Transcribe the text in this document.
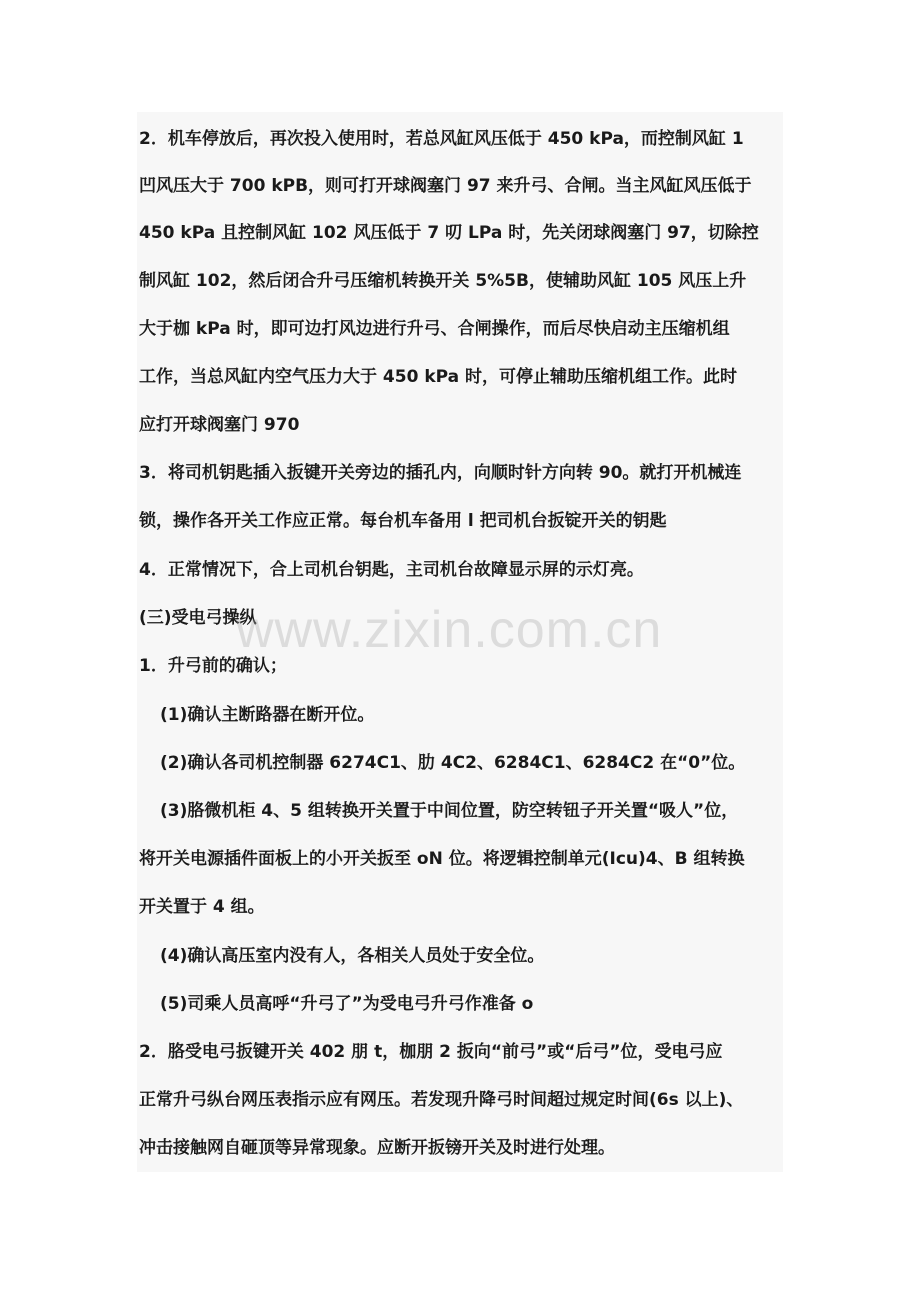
2．机车停放后，再次投入使用时，若总风缸风压低于 450 kPa，而控制风缸 1
凹风压大于 700 kPB，则可打开球阀塞门 97 来升弓、合闸。当主风缸风压低于
450 kPa 且控制风缸 102 风压低于 7 叨 LPa 时，先关闭球阀塞门 97，切除控
制风缸 102，然后闭合升弓压缩机转换开关 5%5B，使辅助风缸 105 风压上升
大于枷 kPa 时，即可边打风边进行升弓、合闸操作，而后尽快启动主压缩机组
工作，当总风缸内空气压力大于 450 kPa 时，可停止辅助压缩机组工作。此时
应打开球阀塞门 970
3．将司机钥匙插入扳键开关旁边的插孔内，向顺时针方向转 90。就打开机械连
锁，操作各开关工作应正常。每台机车备用 l 把司机台扳锭开关的钥匙
4．正常情况下，合上司机台钥匙，主司机台故障显示屏的示灯亮。
(三)受电弓操纵
1．升弓前的确认；
(1)确认主断路器在断开位。
(2)确认各司机控制器 6274C1、肋 4C2、6284C1、6284C2 在“0”位。
(3)胳微机柜 4、5 组转换开关置于中间位置，防空转钮子开关置“吸人”位，
将开关电源插件面板上的小开关扳至 oN 位。将逻辑控制单元(Icu)4、B 组转换
开关置于 4 组。
(4)确认高压室内没有人，各相关人员处于安全位。
(5)司乘人员高呼“升弓了”为受电弓升弓作准备 o
2．胳受电弓扳键开关 402 朋 t，枷朋 2 扳向“前弓”或“后弓”位，受电弓应
正常升弓纵台网压表指示应有网压。若发现升降弓时间超过规定时间(6s 以上)、
冲击接触网自砸顶等异常现象。应断开扳镑开关及时进行处理。
www.zixin.com.cn
